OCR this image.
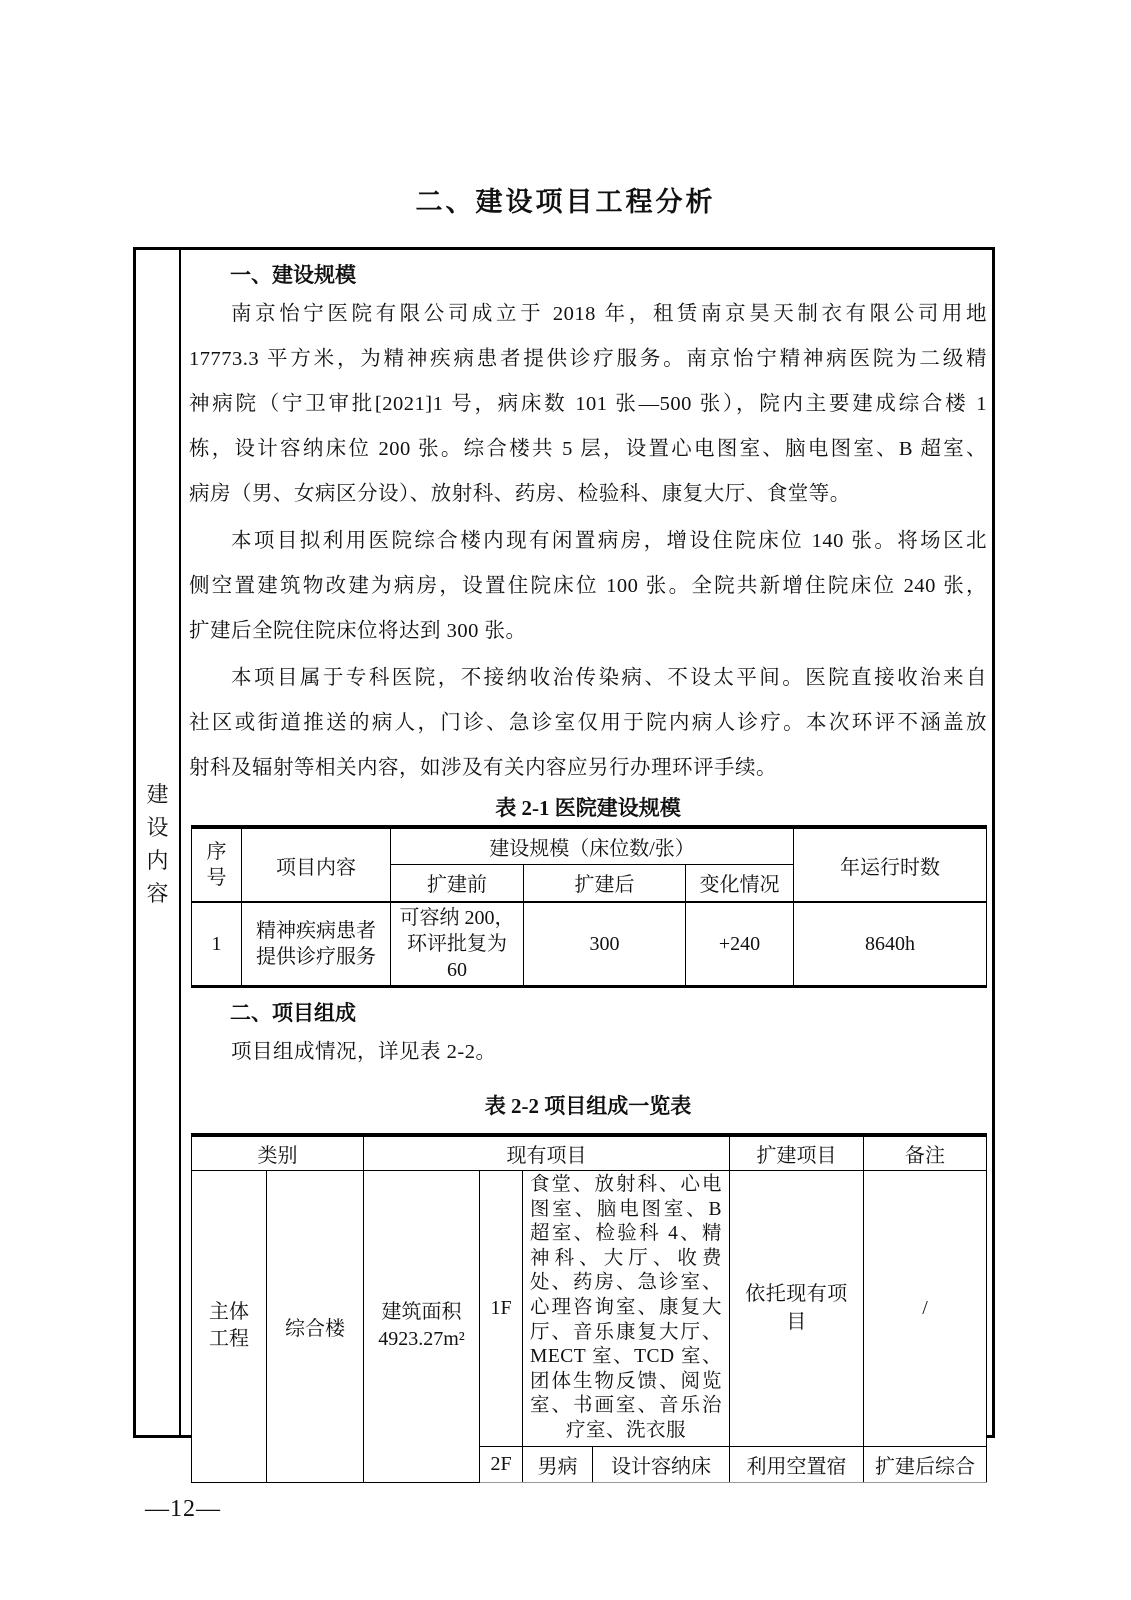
二、建设项目工程分析
建设内容
一、建设规模
南京怡宁医院有限公司成立于 2018 年，租赁南京昊天制衣有限公司用地
17773.3 平方米，为精神疾病患者提供诊疗服务。南京怡宁精神病医院为二级精
神病院（宁卫审批[2021]1 号，病床数 101 张—500 张），院内主要建成综合楼 1
栋，设计容纳床位 200 张。综合楼共 5 层，设置心电图室、脑电图室、B 超室、
病房（男、女病区分设）、放射科、药房、检验科、康复大厅、食堂等。
本项目拟利用医院综合楼内现有闲置病房，增设住院床位 140 张。将场区北
侧空置建筑物改建为病房，设置住院床位 100 张。全院共新增住院床位 240 张，
扩建后全院住院床位将达到 300 张。
本项目属于专科医院，不接纳收治传染病、不设太平间。医院直接收治来自
社区或街道推送的病人，门诊、急诊室仅用于院内病人诊疗。本次环评不涵盖放
射科及辐射等相关内容，如涉及有关内容应另行办理环评手续。
表 2-1 医院建设规模
序号	项目内容	建设规模（床位数/张）			年运行时数
		扩建前	扩建后	变化情况	
1	精神疾病患者提供诊疗服务	可容纳 200，环评批复为 60	300	+240	8640h
二、项目组成
项目组成情况，详见表 2-2。
表 2-2 项目组成一览表
类别		现有项目				扩建项目	备注
主体工程	综合楼	建筑面积 4923.27m²	1F	食堂、放射科、心电图室、脑电图室、B 超室、检验科 4、精神科、大厅、收费处、药房、急诊室、心理咨询室、康复大厅、音乐康复大厅、MECT 室、TCD 室、团体生物反馈、阅览室、书画室、音乐治疗室、洗衣服		依托现有项目	/
			2F	男病	设计容纳床	利用空置宿	扩建后综合
—12—
